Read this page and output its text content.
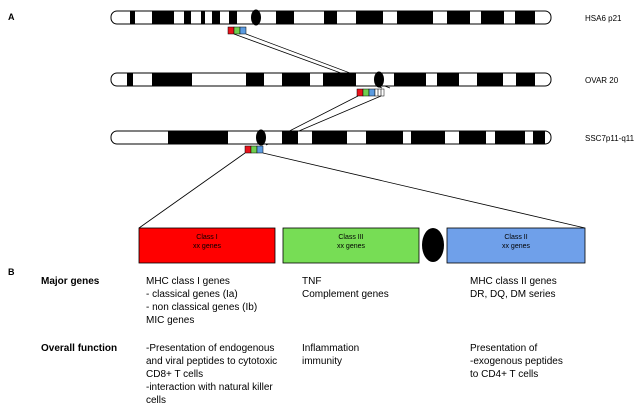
A
B
HSA6 p21
OVAR 20
SSC7p11-q11
Class I
xx genes
Class III
xx genes
Class II
xx genes
Major genes
Overall function
MHC class I genes - classical genes (Ia) - non classical genes (Ib) MIC genes
TNF Complement genes
MHC class II genes DR, DQ, DM series
-Presentation of endogenous and viral peptides to cytotoxic CD8+ T cells -interaction with natural killer cells
Inflammation immunity
Presentation of -exogenous peptides to CD4+ T cells
